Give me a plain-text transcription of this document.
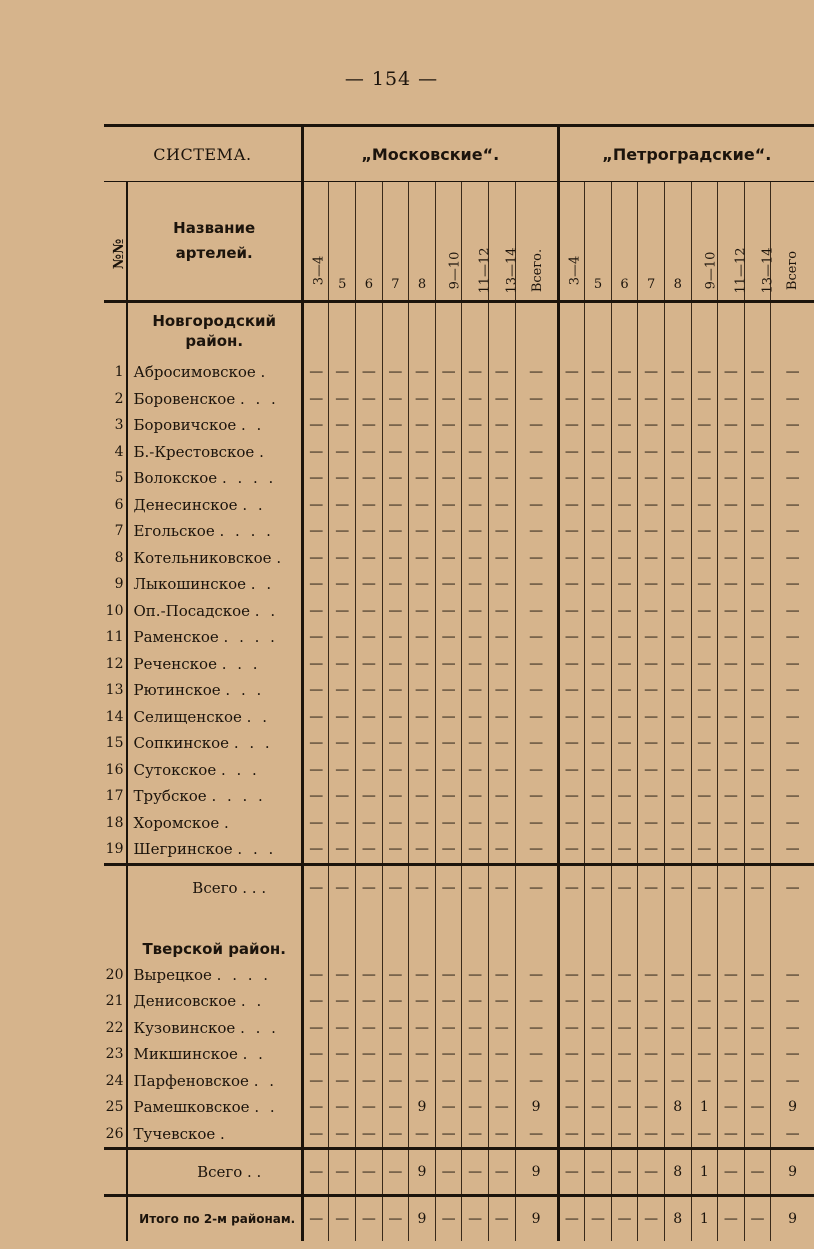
— 154 —
СИСТЕМА.		„Московские“.									„Петроградские“.								
№№	Название
артелей.	3—4	5	6	7	8	9—10	11—12	13—14	Всего.	3—4	5	6	7	8	9—10	11—12	13—14	Всего

	Новгородский
район.																		

1	Абросимовское .	—	—	—	—	—	—	—	—	—	—	—	—	—	—	—	—	—	—
2	Боровенское . . .	—	—	—	—	—	—	—	—	—	—	—	—	—	—	—	—	—	—
3	Боровичское . .	—	—	—	—	—	—	—	—	—	—	—	—	—	—	—	—	—	—
4	Б.-Крестовское .	—	—	—	—	—	—	—	—	—	—	—	—	—	—	—	—	—	—
5	Волокское . . . .	—	—	—	—	—	—	—	—	—	—	—	—	—	—	—	—	—	—
6	Денесинское . .	—	—	—	—	—	—	—	—	—	—	—	—	—	—	—	—	—	—
7	Егольское . . . .	—	—	—	—	—	—	—	—	—	—	—	—	—	—	—	—	—	—
8	Котельниковское .	—	—	—	—	—	—	—	—	—	—	—	—	—	—	—	—	—	—
9	Лыкошинское . .	—	—	—	—	—	—	—	—	—	—	—	—	—	—	—	—	—	—
10	Оп.-Посадское . .	—	—	—	—	—	—	—	—	—	—	—	—	—	—	—	—	—	—
11	Раменское . . . .	—	—	—	—	—	—	—	—	—	—	—	—	—	—	—	—	—	—
12	Реченское . . .	—	—	—	—	—	—	—	—	—	—	—	—	—	—	—	—	—	—
13	Рютинское . . .	—	—	—	—	—	—	—	—	—	—	—	—	—	—	—	—	—	—
14	Селищенское . .	—	—	—	—	—	—	—	—	—	—	—	—	—	—	—	—	—	—
15	Сопкинское . . .	—	—	—	—	—	—	—	—	—	—	—	—	—	—	—	—	—	—
16	Сутокское . . .	—	—	—	—	—	—	—	—	—	—	—	—	—	—	—	—	—	—
17	Трубское . . . .	—	—	—	—	—	—	—	—	—	—	—	—	—	—	—	—	—	—
18	Хоромское .	—	—	—	—	—	—	—	—	—	—	—	—	—	—	—	—	—	—
19	Шегринское . . .	—	—	—	—	—	—	—	—	—	—	—	—	—	—	—	—	—	—
	Всего . . .	—	—	—	—	—	—	—	—	—	—	—	—	—	—	—	—	—	—

	Тверской район.																		

20	Вырецкое . . . .	—	—	—	—	—	—	—	—	—	—	—	—	—	—	—	—	—	—
21	Денисовское . .	—	—	—	—	—	—	—	—	—	—	—	—	—	—	—	—	—	—
22	Кузовинское . . .	—	—	—	—	—	—	—	—	—	—	—	—	—	—	—	—	—	—
23	Микшинское . .	—	—	—	—	—	—	—	—	—	—	—	—	—	—	—	—	—	—
24	Парфеновское . .	—	—	—	—	—	—	—	—	—	—	—	—	—	—	—	—	—	—
25	Рамешковское . .	—	—	—	—	9	—	—	—	9	—	—	—	—	8	1	—	—	9
26	Тучевское .	—	—	—	—	—	—	—	—	—	—	—	—	—	—	—	—	—	—
	Всего . .	—	—	—	—	9	—	—	—	9	—	—	—	—	8	1	—	—	9
	Итого по 2-м районам.	—	—	—	—	9	—	—	—	9	—	—	—	—	8	1	—	—	9
